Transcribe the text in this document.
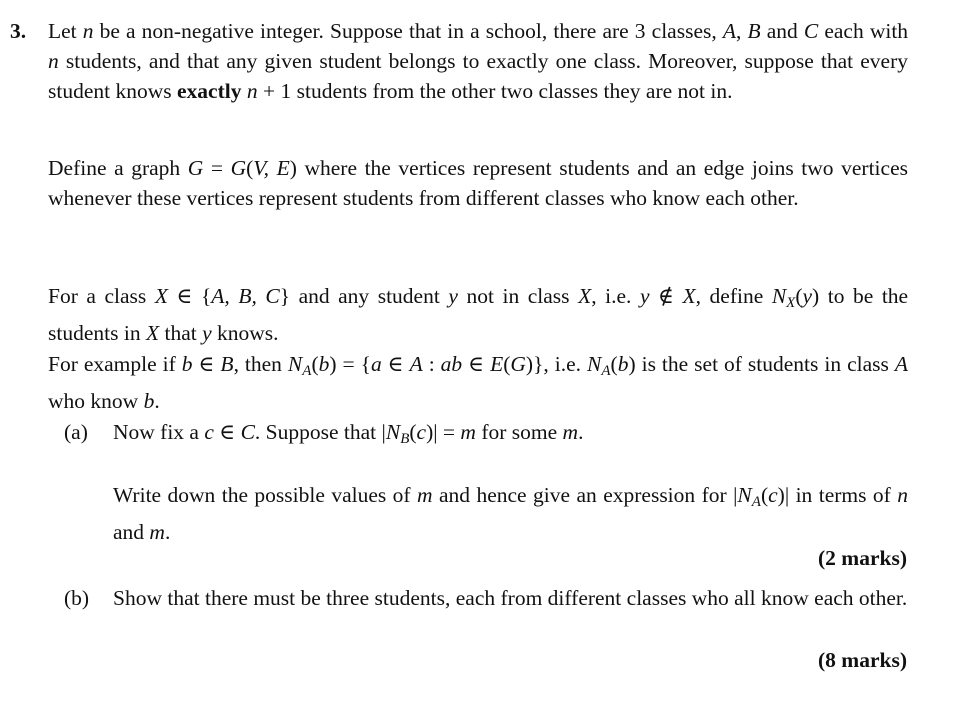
3. Let n be a non-negative integer. Suppose that in a school, there are 3 classes, A, B and C each with n students, and that any given student belongs to exactly one class. Moreover, suppose that every student knows exactly n + 1 students from the other two classes they are not in.

Define a graph G = G(V, E) where the vertices represent students and an edge joins two vertices whenever these vertices represent students from different classes who know each other.

For a class X ∈ {A, B, C} and any student y not in class X, i.e. y ∉ X, define $N_X(y)$ to be the students in X that y knows.

For example if b ∈ B, then $N_A(b) = \{a$ ∈ A : ab ∈ E(G)}, i.e. $N_A(b)$ is the set of students in class A who know b.

(a) Now fix a c ∈ C. Suppose that $|N_B(c)| = m$ for some m.

Write down the possible values of m and hence give an expression for $|N_A(c)|$ in terms of n and m.

(2 marks)
(b) Show that there must be three students, each from different classes who all know each other.

(8 marks)
